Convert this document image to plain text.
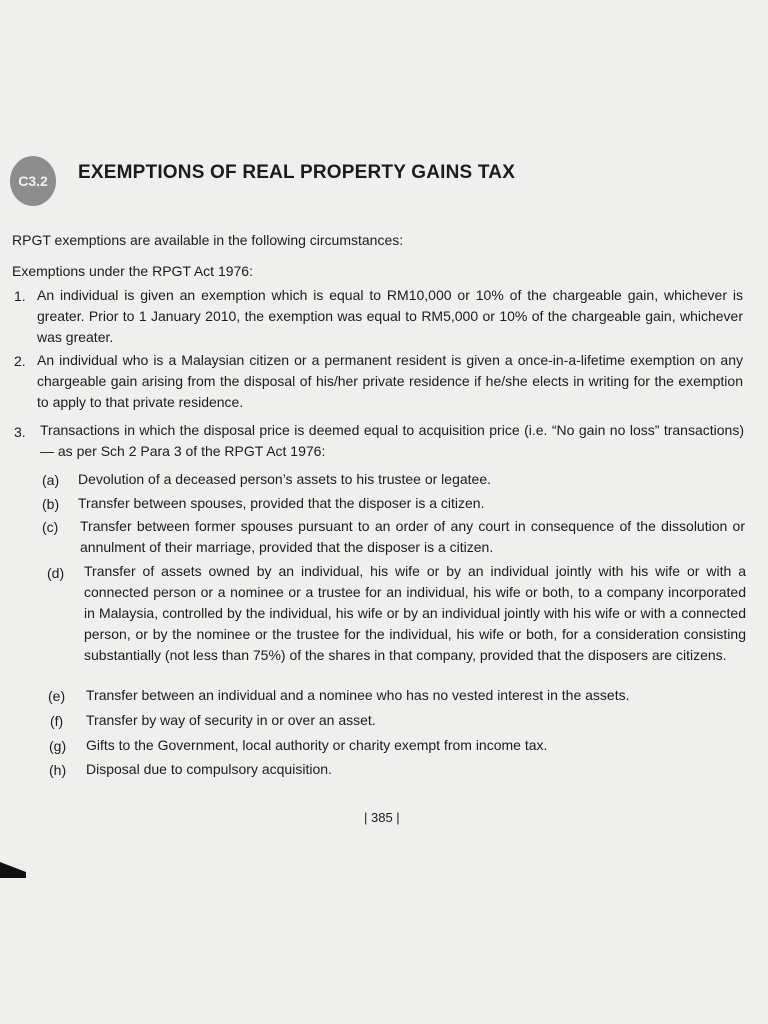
C3.2	EXEMPTIONS OF REAL PROPERTY GAINS TAX
RPGT exemptions are available in the following circumstances:
Exemptions under the RPGT Act 1976:
1. An individual is given an exemption which is equal to RM10,000 or 10% of the chargeable gain, whichever is greater. Prior to 1 January 2010, the exemption was equal to RM5,000 or 10% of the chargeable gain, whichever was greater.
2. An individual who is a Malaysian citizen or a permanent resident is given a once-in-a-lifetime exemption on any chargeable gain arising from the disposal of his/her private residence if he/she elects in writing for the exemption to apply to that private residence.
3. Transactions in which the disposal price is deemed equal to acquisition price (i.e. “No gain no loss” transactions) — as per Sch 2 Para 3 of the RPGT Act 1976:
(a) Devolution of a deceased person’s assets to his trustee or legatee.
(b) Transfer between spouses, provided that the disposer is a citizen.
(c) Transfer between former spouses pursuant to an order of any court in consequence of the dissolution or annulment of their marriage, provided that the disposer is a citizen.
(d) Transfer of assets owned by an individual, his wife or by an individual jointly with his wife or with a connected person or a nominee or a trustee for an individual, his wife or both, to a company incorporated in Malaysia, controlled by the individual, his wife or by an individual jointly with his wife or with a connected person, or by the nominee or the trustee for the individual, his wife or both, for a consideration consisting substantially (not less than 75%) of the shares in that company, provided that the disposers are citizens.
(e) Transfer between an individual and a nominee who has no vested interest in the assets.
(f) Transfer by way of security in or over an asset.
(g) Gifts to the Government, local authority or charity exempt from income tax.
(h) Disposal due to compulsory acquisition.
| 385 |
